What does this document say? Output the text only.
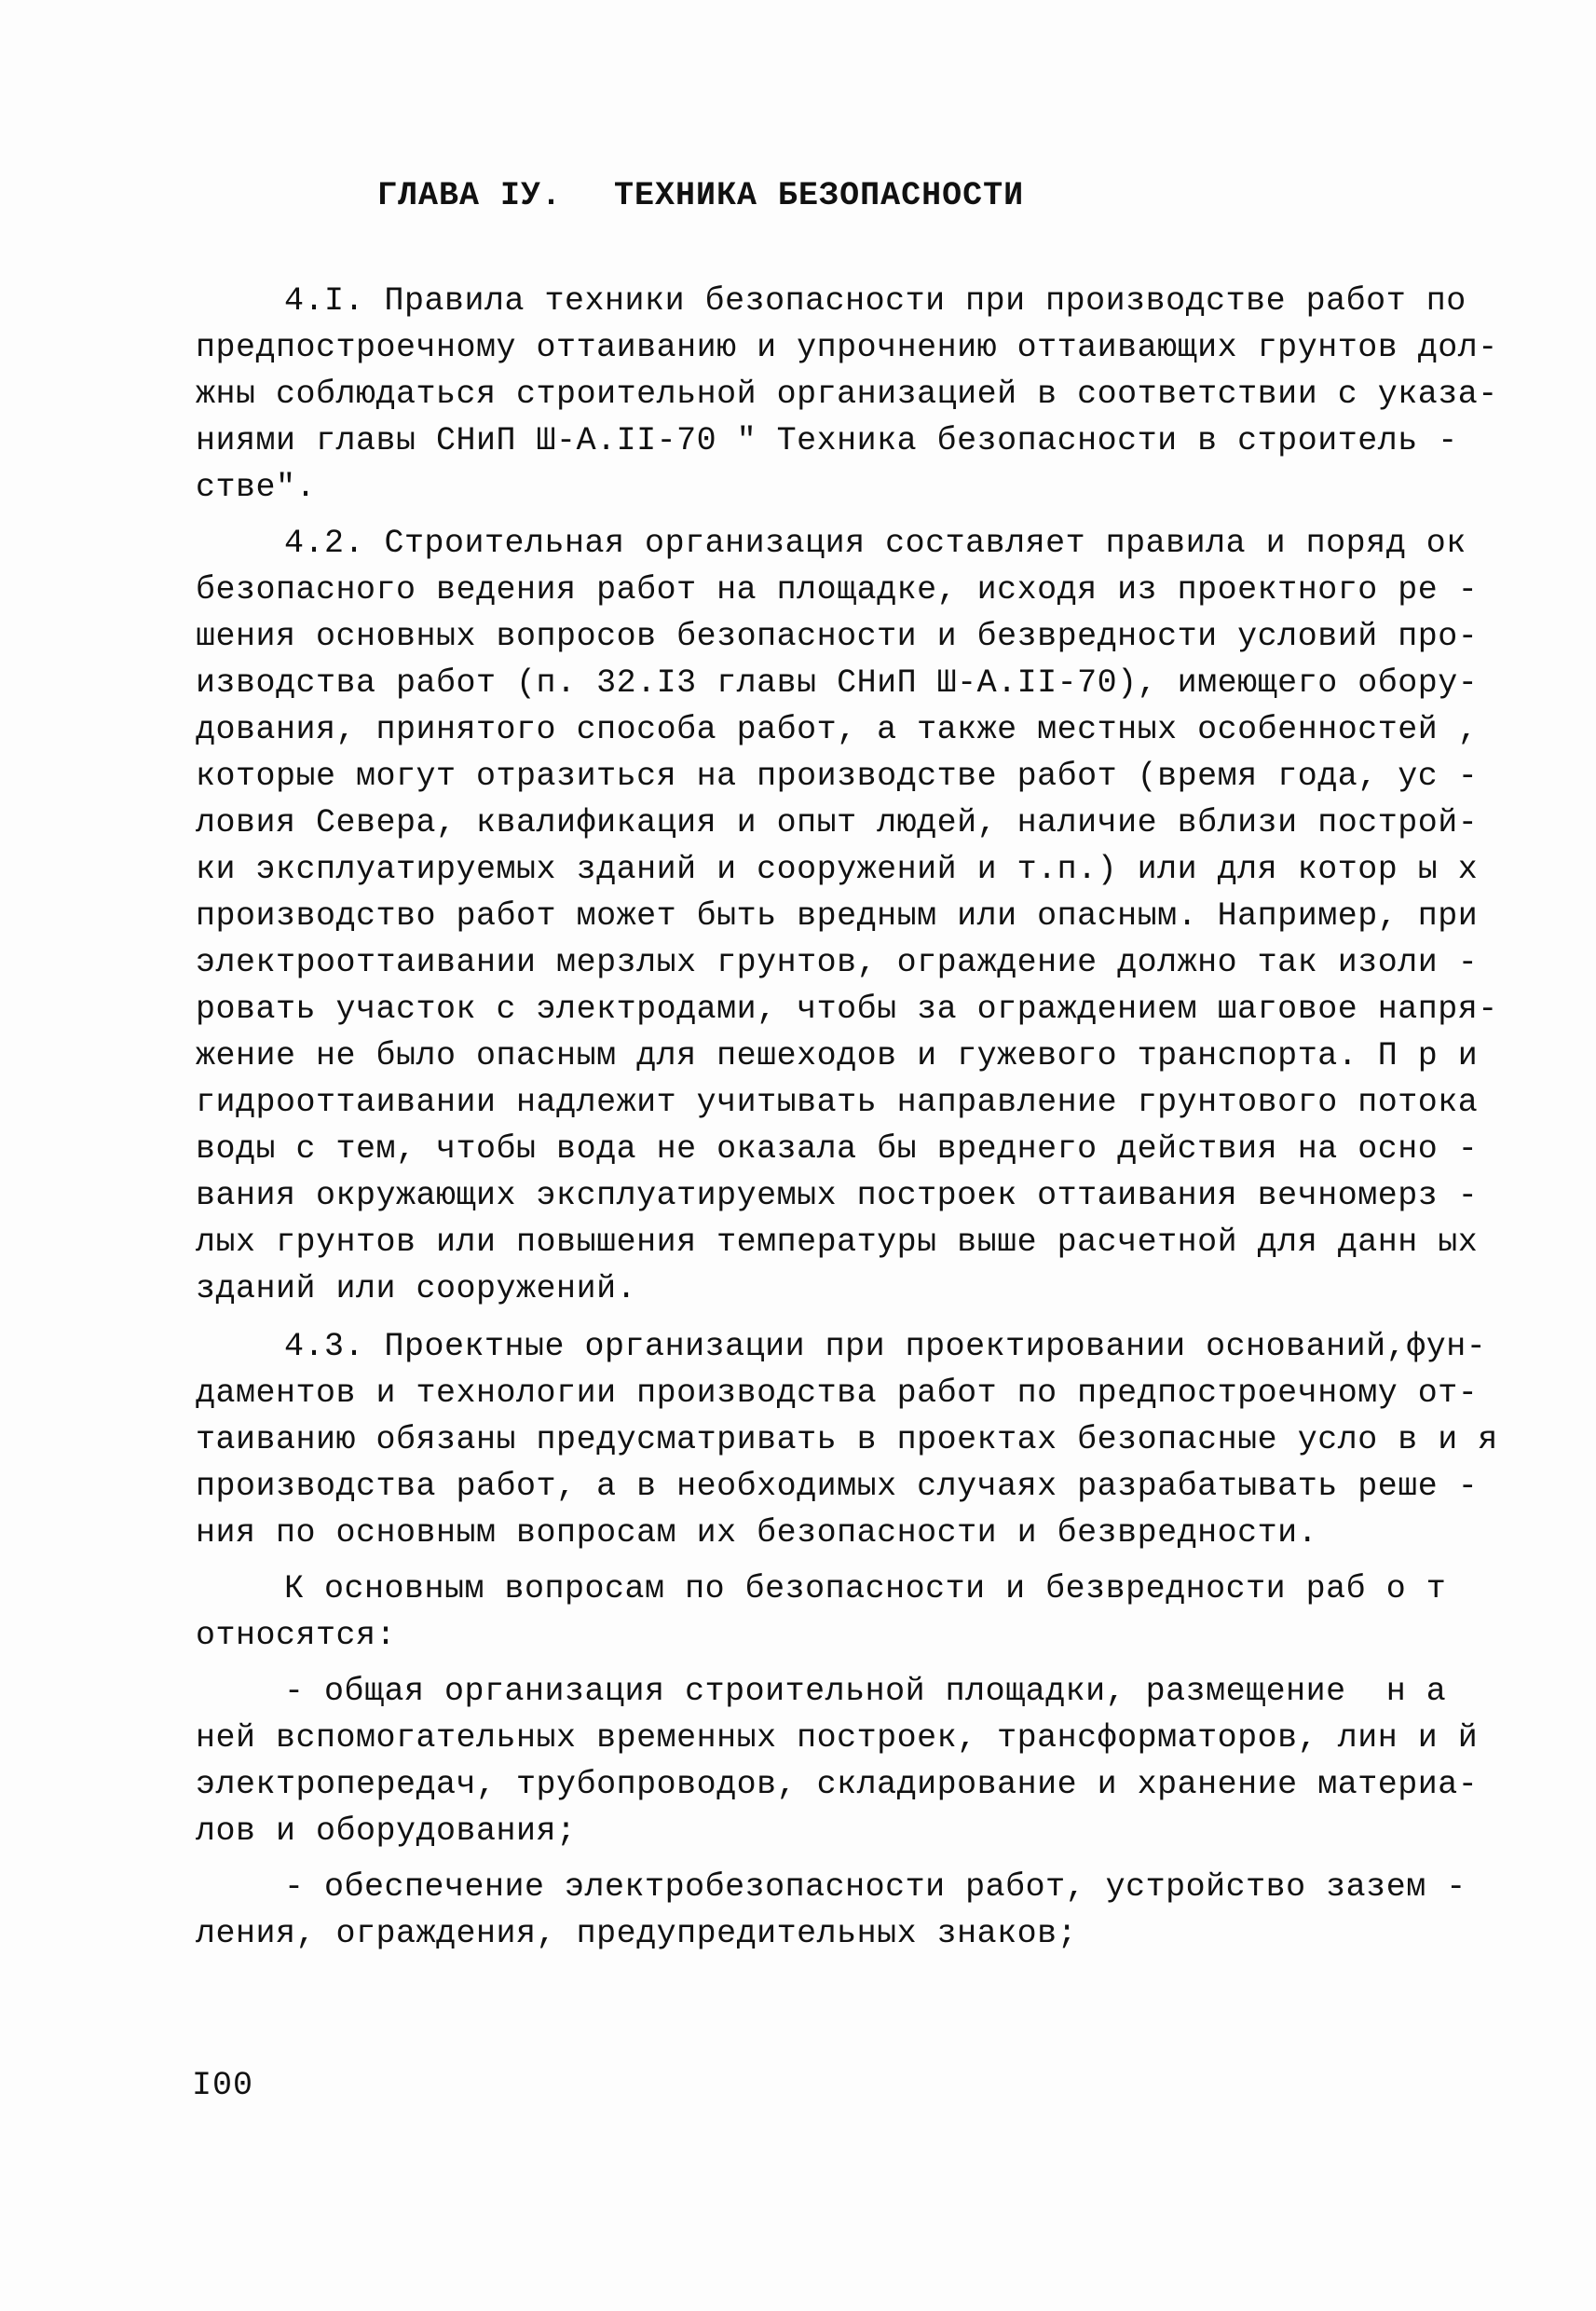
ГЛАВА IУ. ТЕХНИКА БЕЗОПАСНОСТИ
4.I. Правила техники безопасности при производстве работ по
предпостроечному оттаиванию и упрочнению оттаивающих грунтов дол-
жны соблюдаться строительной организацией в соответствии с указа-
ниями главы СНиП Ш-А.II-70 " Техника безопасности в строитель -
стве".
4.2. Строительная организация составляет правила и поряд ок
безопасного ведения работ на площадке, исходя из проектного ре -
шения основных вопросов безопасности и безвредности условий про-
изводства работ (п. 32.I3 главы СНиП Ш-А.II-70), имеющего обору-
дования, принятого способа работ, а также местных особенностей ,
которые могут отразиться на производстве работ (время года, ус -
ловия Севера, квалификация и опыт людей, наличие вблизи построй-
ки эксплуатируемых зданий и сооружений и т.п.) или для котор ы х
производство работ может быть вредным или опасным. Например, при
электрооттаивании мерзлых грунтов, ограждение должно так изоли -
ровать участок с электродами, чтобы за ограждением шаговое напря-
жение не было опасным для пешеходов и гужевого транспорта. П р и
гидрооттаивании надлежит учитывать направление грунтового потока
воды с тем, чтобы вода не оказала бы вреднего действия на осно -
вания окружающих эксплуатируемых построек оттаивания вечномерз -
лых грунтов или повышения температуры выше расчетной для данн ых
зданий или сооружений.
4.3. Проектные организации при проектировании оснований,фун-
даментов и технологии производства работ по предпостроечному от-
таиванию обязаны предусматривать в проектах безопасные усло в и я
производства работ, а в необходимых случаях разрабатывать реше -
ния по основным вопросам их безопасности и безвредности.
К основным вопросам по безопасности и безвредности раб о т
относятся:
- общая организация строительной площадки, размещение  н а
ней вспомогательных временных построек, трансформаторов, лин и й
электропередач, трубопроводов, складирование и хранение материа-
лов и оборудования;
- обеспечение электробезопасности работ, устройство зазем -
ления, ограждения, предупредительных знаков;
I00
